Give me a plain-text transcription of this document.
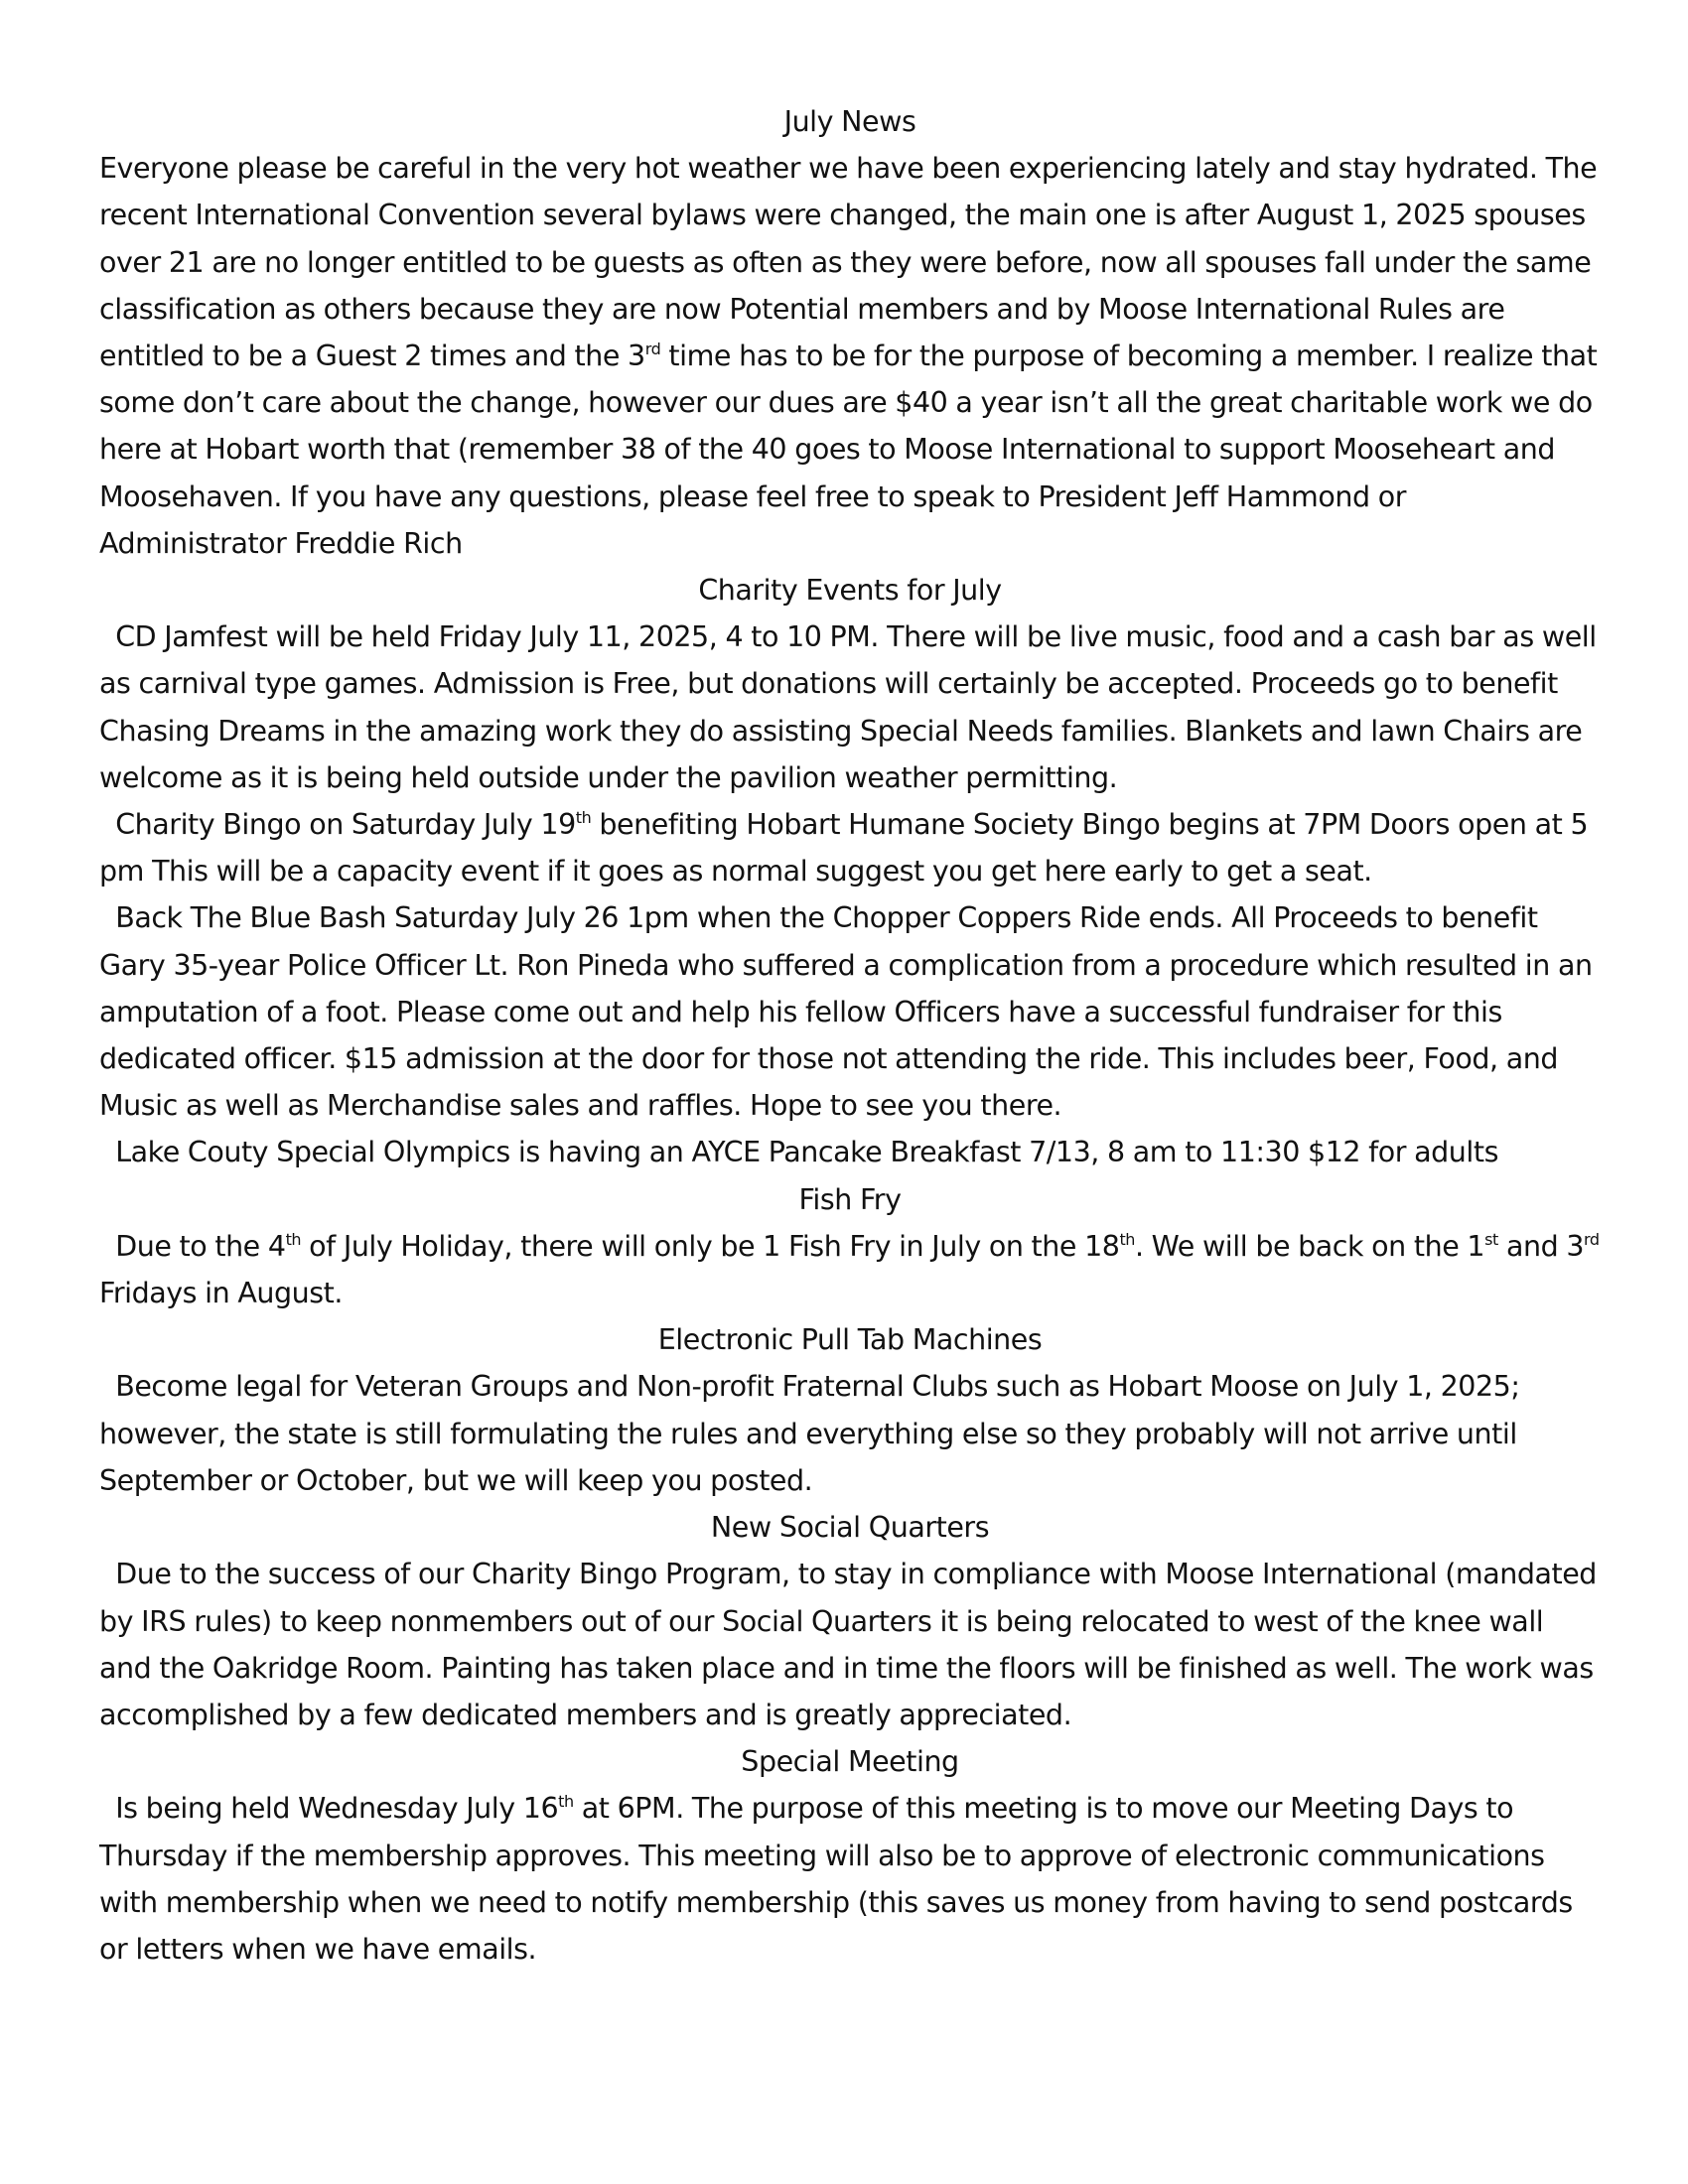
July News

Everyone please be careful in the very hot weather we have been experiencing lately and stay hydrated. The recent International Convention several bylaws were changed, the main one is after August 1, 2025 spouses over 21 are no longer entitled to be guests as often as they were before, now all spouses fall under the same classification as others because they are now Potential members and by Moose International Rules are entitled to be a Guest 2 times and the 3rd time has to be for the purpose of becoming a member. I realize that some don’t care about the change, however our dues are $40 a year isn’t all the great charitable work we do here at Hobart worth that (remember 38 of the 40 goes to Moose International to support Mooseheart and Moosehaven. If you have any questions, please feel free to speak to President Jeff Hammond or Administrator Freddie Rich

Charity Events for July

CD Jamfest will be held Friday July 11, 2025, 4 to 10 PM. There will be live music, food and a cash bar as well as carnival type games. Admission is Free, but donations will certainly be accepted. Proceeds go to benefit Chasing Dreams in the amazing work they do assisting Special Needs families. Blankets and lawn Chairs are welcome as it is being held outside under the pavilion weather permitting.

Charity Bingo on Saturday July 19th benefiting Hobart Humane Society Bingo begins at 7PM Doors open at 5 pm This will be a capacity event if it goes as normal suggest you get here early to get a seat.

Back The Blue Bash Saturday July 26 1pm when the Chopper Coppers Ride ends. All Proceeds to benefit Gary 35-year Police Officer Lt. Ron Pineda who suffered a complication from a procedure which resulted in an amputation of a foot. Please come out and help his fellow Officers have a successful fundraiser for this dedicated officer. $15 admission at the door for those not attending the ride. This includes beer, Food, and Music as well as Merchandise sales and raffles. Hope to see you there.

Lake Couty Special Olympics is having an AYCE Pancake Breakfast 7/13, 8 am to 11:30 $12 for adults

Fish Fry

Due to the 4th of July Holiday, there will only be 1 Fish Fry in July on the 18th. We will be back on the 1st and 3rd Fridays in August.

Electronic Pull Tab Machines

Become legal for Veteran Groups and Non-profit Fraternal Clubs such as Hobart Moose on July 1, 2025; however, the state is still formulating the rules and everything else so they probably will not arrive until September or October, but we will keep you posted.

New Social Quarters

Due to the success of our Charity Bingo Program, to stay in compliance with Moose International (mandated by IRS rules) to keep nonmembers out of our Social Quarters it is being relocated to west of the knee wall and the Oakridge Room. Painting has taken place and in time the floors will be finished as well. The work was accomplished by a few dedicated members and is greatly appreciated.

Special Meeting

Is being held Wednesday July 16th at 6PM. The purpose of this meeting is to move our Meeting Days to Thursday if the membership approves. This meeting will also be to approve of electronic communications with membership when we need to notify membership (this saves us money from having to send postcards or letters when we have emails.
